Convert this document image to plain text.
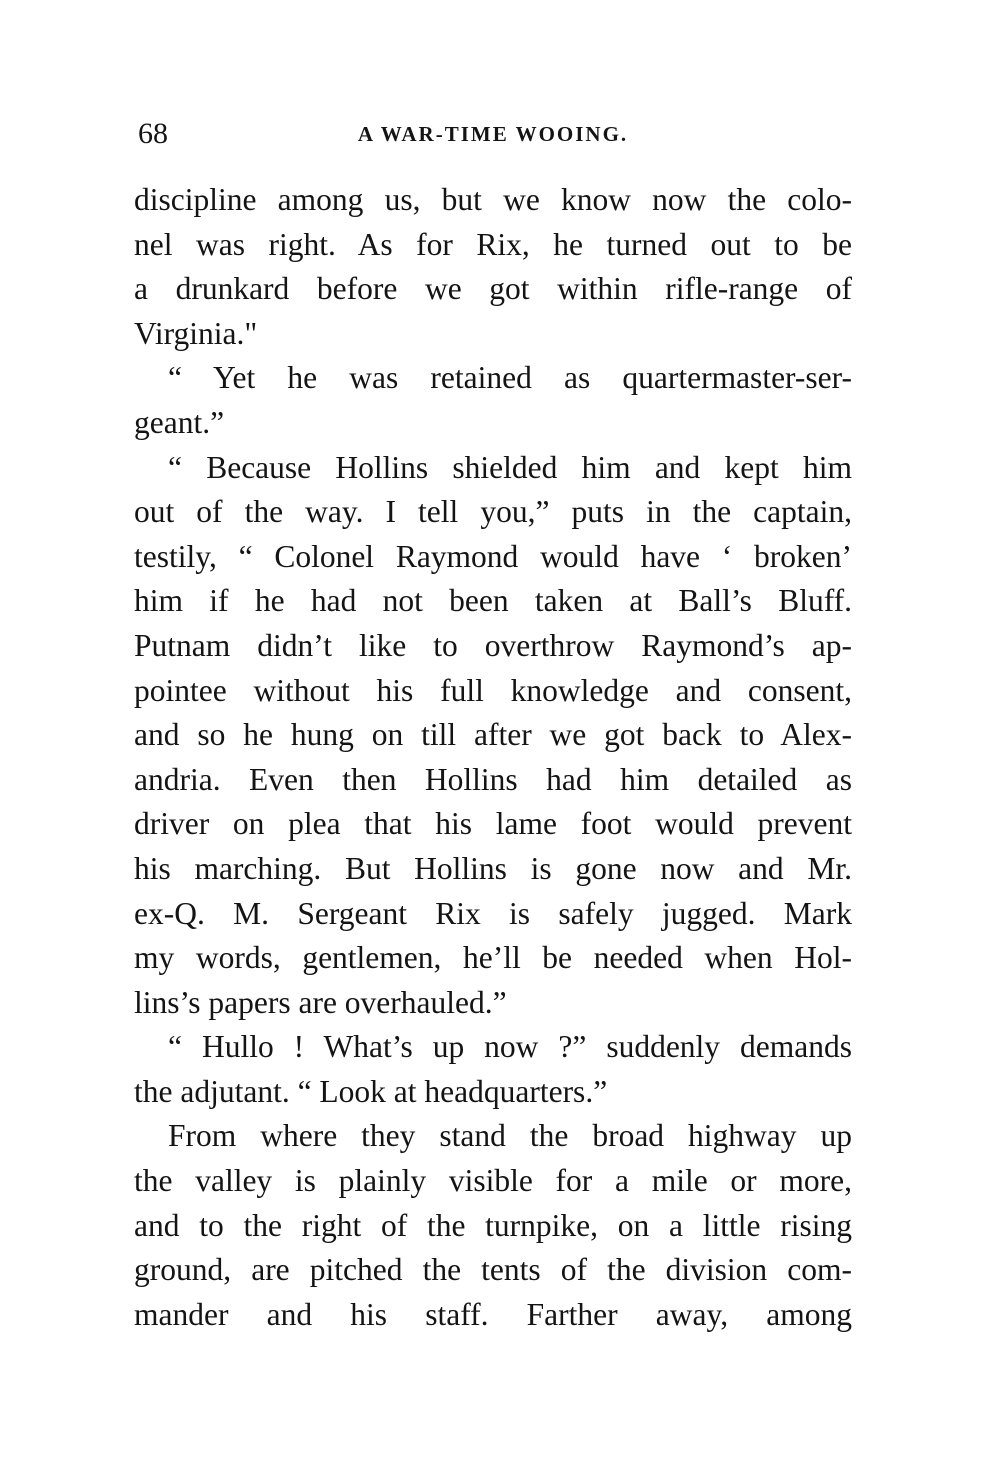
68	A WAR-TIME WOOING.
discipline among us, but we know now the colo-
nel was right. As for Rix, he turned out to be
a drunkard before we got within rifle-range of
Virginia."
“ Yet he was retained as quartermaster-ser-
geant.”
“ Because Hollins shielded him and kept him
out of the way. I tell you,” puts in the captain,
testily, “ Colonel Raymond would have ‘ broken’
him if he had not been taken at Ball’s Bluff.
Putnam didn’t like to overthrow Raymond’s ap-
pointee without his full knowledge and consent,
and so he hung on till after we got back to Alex-
andria. Even then Hollins had him detailed as
driver on plea that his lame foot would prevent
his marching. But Hollins is gone now and Mr.
ex-Q. M. Sergeant Rix is safely jugged. Mark
my words, gentlemen, he’ll be needed when Hol-
lins’s papers are overhauled.”
“ Hullo ! What’s up now ?” suddenly demands
the adjutant. “ Look at headquarters.”
From where they stand the broad highway up
the valley is plainly visible for a mile or more,
and to the right of the turnpike, on a little rising
ground, are pitched the tents of the division com-
mander and his staff. Farther away, among
